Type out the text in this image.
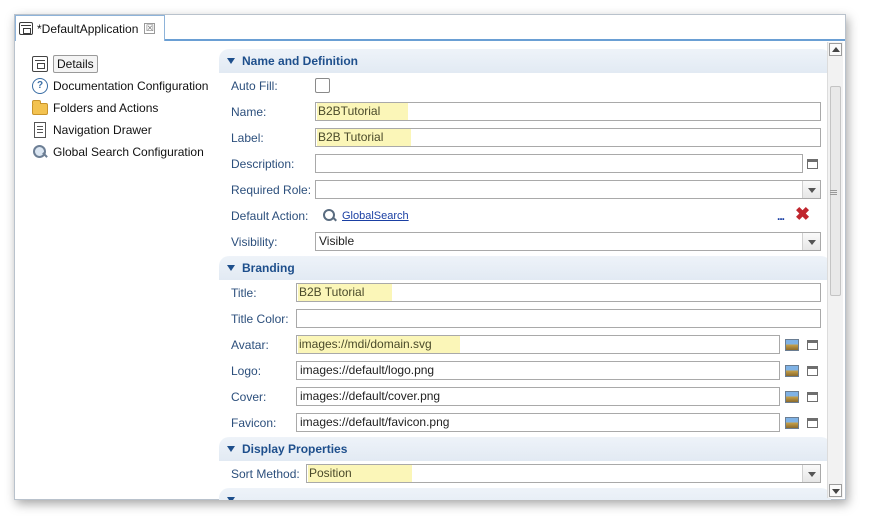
*DefaultApplication ☒
Details
? Documentation Configuration
Folders and Actions
Navigation Drawer
Global Search Configuration
Name and Definition
Auto Fill:
Name:	B2BTutorial
Label:	B2B Tutorial
Description:
Required Role:
Default Action:	GlobalSearch	... ✖
Visibility:	Visible
Branding
Title:	B2B Tutorial
Title Color:
Avatar:	images://mdi/domain.svg
Logo:	images://default/logo.png
Cover:	images://default/cover.png
Favicon:	images://default/favicon.png
Display Properties
Sort Method: Position
